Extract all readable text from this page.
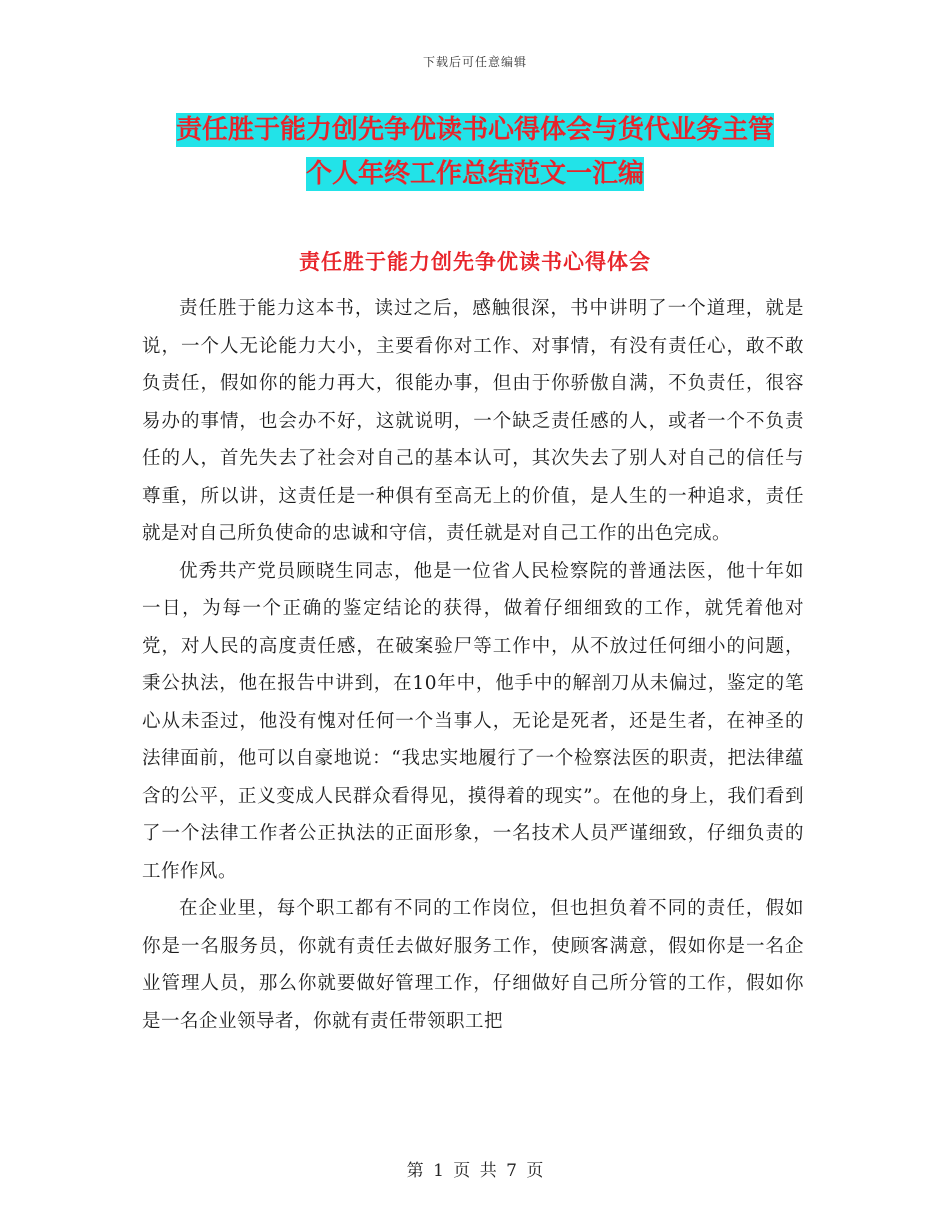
下载后可任意编辑
责任胜于能力创先争优读书心得体会与货代业务主管
个人年终工作总结范文一汇编
责任胜于能力创先争优读书心得体会

责任胜于能力这本书，读过之后，感触很深，书中讲明了一个道理，就是说，一个人无论能力大小，主要看你对工作、对事情，有没有责任心，敢不敢负责任，假如你的能力再大，很能办事，但由于你骄傲自满，不负责任，很容易办的事情，也会办不好，这就说明，一个缺乏责任感的人，或者一个不负责任的人，首先失去了社会对自己的基本认可，其次失去了别人对自己的信任与尊重，所以讲，这责任是一种俱有至高无上的价值，是人生的一种追求，责任就是对自己所负使命的忠诚和守信，责任就是对自己工作的出色完成。

优秀共产党员顾晓生同志，他是一位省人民检察院的普通法医，他十年如一日，为每一个正确的鉴定结论的获得，做着仔细细致的工作，就凭着他对党，对人民的高度责任感，在破案验尸等工作中，从不放过任何细小的问题，秉公执法，他在报告中讲到，在10年中，他手中的解剖刀从未偏过，鉴定的笔心从未歪过，他没有愧对任何一个当事人，无论是死者，还是生者，在神圣的法律面前，他可以自豪地说：“我忠实地履行了一个检察法医的职责，把法律蕴含的公平，正义变成人民群众看得见，摸得着的现实”。在他的身上，我们看到了一个法律工作者公正执法的正面形象，一名技术人员严谨细致，仔细负责的工作作风。

在企业里，每个职工都有不同的工作岗位，但也担负着不同的责任，假如你是一名服务员，你就有责任去做好服务工作，使顾客满意，假如你是一名企业管理人员，那么你就要做好管理工作，仔细做好自己所分管的工作，假如你是一名企业领导者，你就有责任带领职工把

第 1 页 共 7 页
